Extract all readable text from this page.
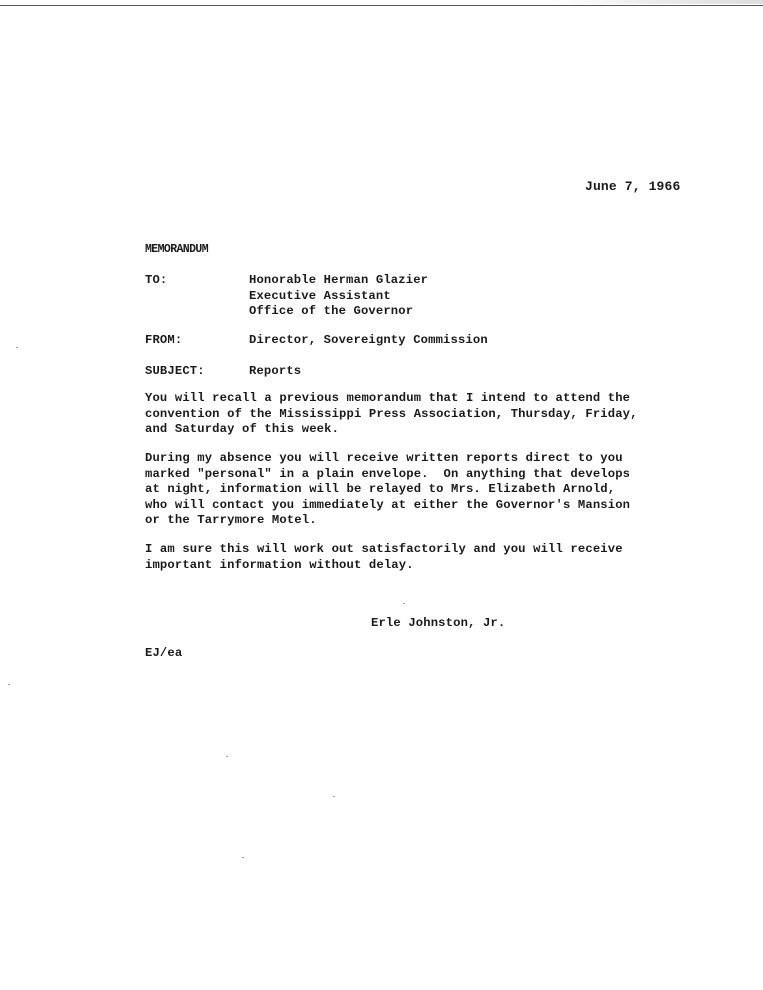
June 7, 1966
MEMORANDUM
TO:	Honorable Herman Glazier
Executive Assistant
Office of the Governor
FROM:	Director, Sovereignty Commission
SUBJECT:	Reports
You will recall a previous memorandum that I intend to attend the
convention of the Mississippi Press Association, Thursday, Friday,
and Saturday of this week.
During my absence you will receive written reports direct to you
marked "personal" in a plain envelope.  On anything that develops
at night, information will be relayed to Mrs. Elizabeth Arnold,
who will contact you immediately at either the Governor's Mansion
or the Tarrymore Motel.
I am sure this will work out satisfactorily and you will receive
important information without delay.
Erle Johnston, Jr.
EJ/ea
